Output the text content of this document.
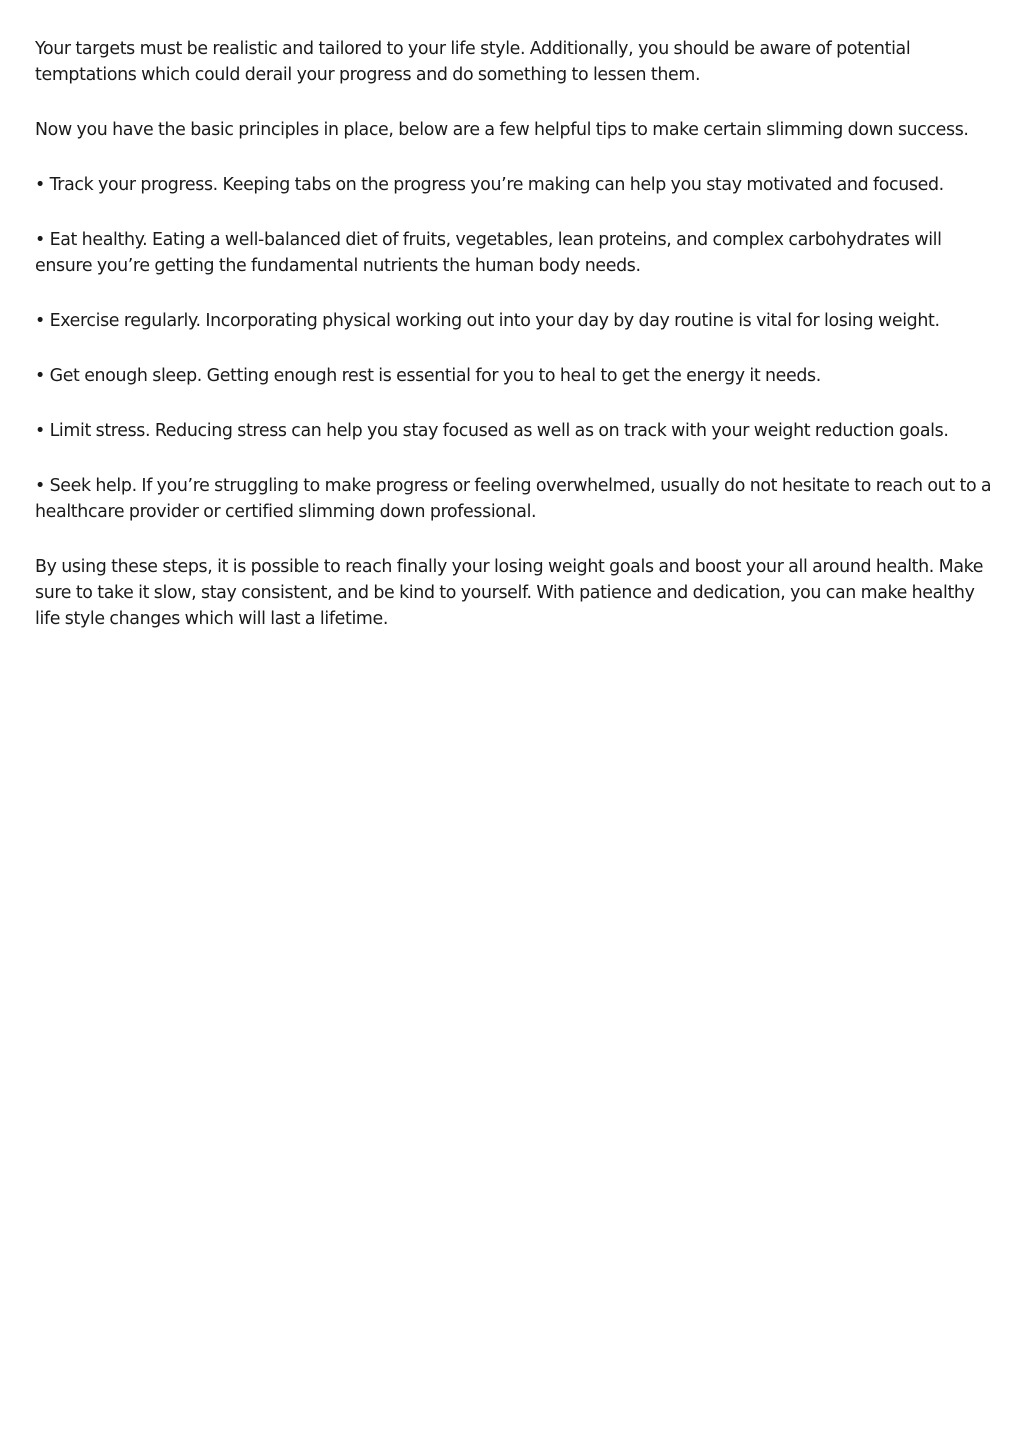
Your targets must be realistic and tailored to your life style. Additionally, you should be aware of potential temptations which could derail your progress and do something to lessen them.

Now you have the basic principles in place, below are a few helpful tips to make certain slimming down success.

• Track your progress. Keeping tabs on the progress you’re making can help you stay motivated and focused.

• Eat healthy. Eating a well-balanced diet of fruits, vegetables, lean proteins, and complex carbohydrates will ensure you’re getting the fundamental nutrients the human body needs.

• Exercise regularly. Incorporating physical working out into your day by day routine is vital for losing weight.

• Get enough sleep. Getting enough rest is essential for you to heal to get the energy it needs.

• Limit stress. Reducing stress can help you stay focused as well as on track with your weight reduction goals.

• Seek help. If you’re struggling to make progress or feeling overwhelmed, usually do not hesitate to reach out to a healthcare provider or certified slimming down professional.

By using these steps, it is possible to reach finally your losing weight goals and boost your all around health. Make sure to take it slow, stay consistent, and be kind to yourself. With patience and dedication, you can make healthy life style changes which will last a lifetime.
